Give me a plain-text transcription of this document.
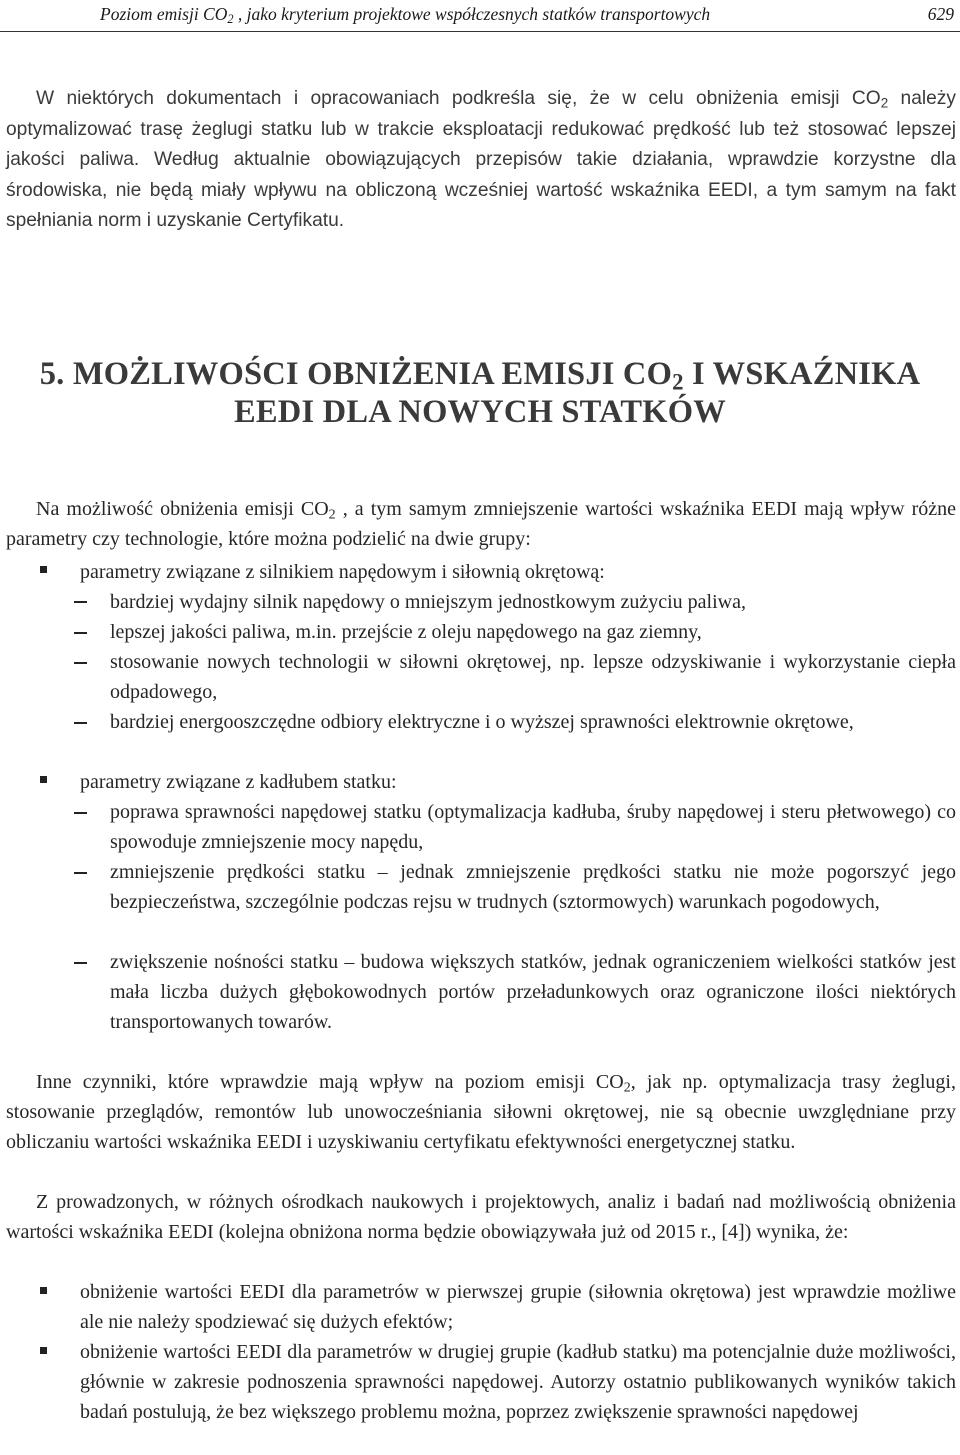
Poziom emisji $CO_2$ , jako kryterium projektowe współczesnych statków transportowych	629
W niektórych dokumentach i opracowaniach podkreśla się, że w celu obniżenia emisji $CO_2$ należy optymalizować trasę żeglugi statku lub w trakcie eksploatacji redukować prędkość lub też stosować lepszej jakości paliwa. Według aktualnie obowiązujących przepisów takie działania, wprawdzie korzystne dla środowiska, nie będą miały wpływu na obliczoną wcześniej wartość wskaźnika EEDI, a tym samym na fakt spełniania norm i uzyskanie Certyfikatu.
5. MOŻLIWOŚCI OBNIŻENIA EMISJI $CO_2$ I WSKAŹNIKA
EEDI DLA NOWYCH STATKÓW
Na możliwość obniżenia emisji $CO_2$ , a tym samym zmniejszenie wartości wskaźnika EEDI mają wpływ różne parametry czy technologie, które można podzielić na dwie grupy:
parametry związane z silnikiem napędowym i siłownią okrętową:
bardziej wydajny silnik napędowy o mniejszym jednostkowym zużyciu paliwa,
lepszej jakości paliwa, m.in. przejście z oleju napędowego na gaz ziemny,
stosowanie nowych technologii w siłowni okrętowej, np. lepsze odzyskiwanie i wykorzystanie ciepła odpadowego,
bardziej energooszczędne odbiory elektryczne i o wyższej sprawności elektrownie okrętowe,
parametry związane z kadłubem statku:
poprawa sprawności napędowej statku (optymalizacja kadłuba, śruby napędowej i steru płetwowego) co spowoduje zmniejszenie mocy napędu,
zmniejszenie prędkości statku – jednak zmniejszenie prędkości statku nie może pogorszyć jego bezpieczeństwa, szczególnie podczas rejsu w trudnych (sztormowych) warunkach pogodowych,
zwiększenie nośności statku – budowa większych statków, jednak ograniczeniem wielkości statków jest mała liczba dużych głębokowodnych portów przeładunkowych oraz ograniczone ilości niektórych transportowanych towarów.
Inne czynniki, które wprawdzie mają wpływ na poziom emisji $CO_2$, jak np. optymalizacja trasy żeglugi, stosowanie przeglądów, remontów lub unowocześniania siłowni okrętowej, nie są obecnie uwzględniane przy obliczaniu wartości wskaźnika EEDI i uzyskiwaniu certyfikatu efektywności energetycznej statku.
Z prowadzonych, w różnych ośrodkach naukowych i projektowych, analiz i badań nad możliwością obniżenia wartości wskaźnika EEDI (kolejna obniżona norma będzie obowiązywała już od 2015 r., [4]) wynika, że:
obniżenie wartości EEDI dla parametrów w pierwszej grupie (siłownia okrętowa) jest wprawdzie możliwe ale nie należy spodziewać się dużych efektów;
obniżenie wartości EEDI dla parametrów w drugiej grupie (kadłub statku) ma potencjalnie duże możliwości, głównie w zakresie podnoszenia sprawności napędowej. Autorzy ostatnio publikowanych wyników takich badań postulują, że bez większego problemu można, poprzez zwiększenie sprawności napędowej
